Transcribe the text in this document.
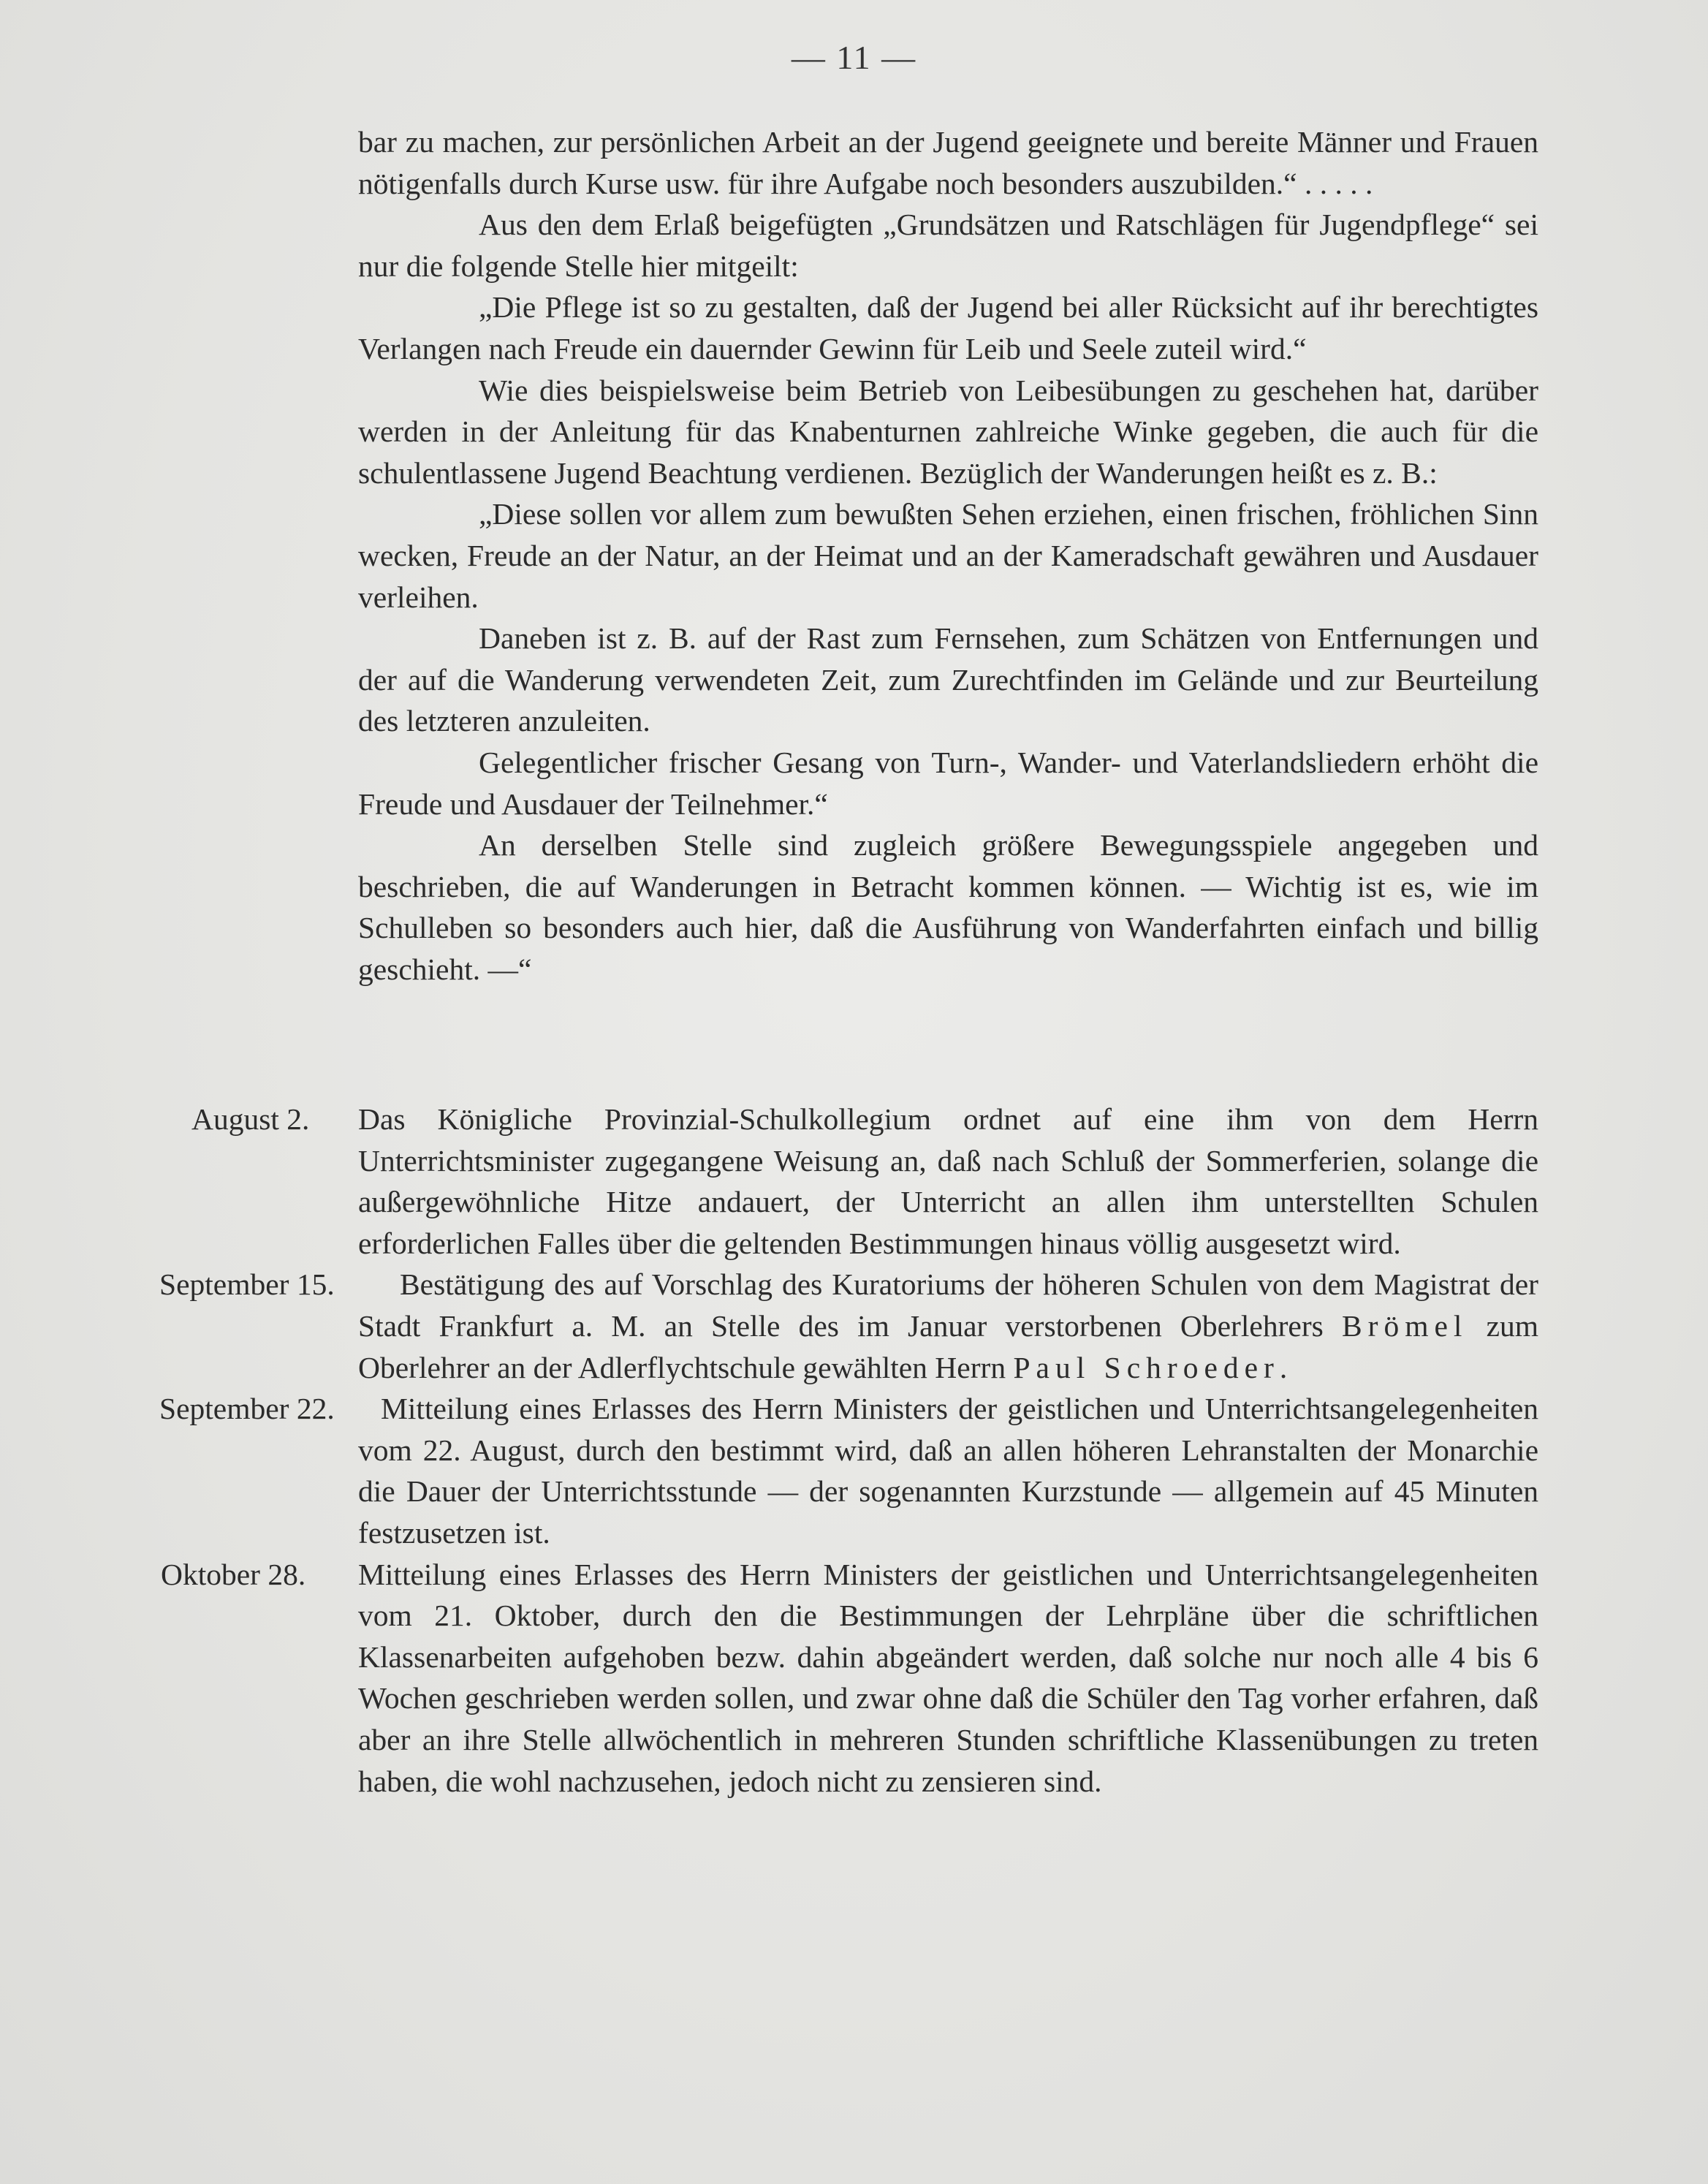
— 11 —

bar zu machen, zur persönlichen Arbeit an der Jugend geeignete und bereite Männer und Frauen nötigenfalls durch Kurse usw. für ihre Aufgabe noch besonders auszubilden.“ . . . . .

Aus den dem Erlaß beigefügten „Grundsätzen und Ratschlägen für Jugendpflege“ sei nur die folgende Stelle hier mitgeilt:

„Die Pflege ist so zu gestalten, daß der Jugend bei aller Rücksicht auf ihr berechtigtes Verlangen nach Freude ein dauernder Gewinn für Leib und Seele zuteil wird.“

Wie dies beispielsweise beim Betrieb von Leibesübungen zu geschehen hat, darüber werden in der Anleitung für das Knabenturnen zahlreiche Winke gegeben, die auch für die schulentlassene Jugend Beachtung verdienen. Bezüglich der Wanderungen heißt es z. B.:

„Diese sollen vor allem zum bewußten Sehen erziehen, einen frischen, fröhlichen Sinn wecken, Freude an der Natur, an der Heimat und an der Kameradschaft gewähren und Ausdauer verleihen.

Daneben ist z. B. auf der Rast zum Fernsehen, zum Schätzen von Entfernungen und der auf die Wanderung verwendeten Zeit, zum Zurechtfinden im Gelände und zur Beurteilung des letzteren anzuleiten.

Gelegentlicher frischer Gesang von Turn-, Wander- und Vaterlandsliedern erhöht die Freude und Ausdauer der Teilnehmer.“

An derselben Stelle sind zugleich größere Bewegungsspiele angegeben und beschrieben, die auf Wanderungen in Betracht kommen können. — Wichtig ist es, wie im Schulleben so besonders auch hier, daß die Ausführung von Wanderfahrten einfach und billig geschieht. —“

August 2. Das Königliche Provinzial-Schulkollegium ordnet auf eine ihm von dem Herrn Unterrichtsminister zugegangene Weisung an, daß nach Schluß der Sommerferien, solange die außergewöhnliche Hitze andauert, der Unterricht an allen ihm unterstellten Schulen erforderlichen Falles über die geltenden Bestimmungen hinaus völlig ausgesetzt wird.

September 15.	Bestätigung des auf Vorschlag des Kuratoriums der höheren Schulen von dem Magistrat der Stadt Frankfurt a. M. an Stelle des im Januar verstorbenen Oberlehrers Brömel zum Oberlehrer an der Adlerflychtschule gewählten Herrn Paul Schroeder.

September 22.	Mitteilung eines Erlasses des Herrn Ministers der geistlichen und Unterrichtsangelegenheiten vom 22. August, durch den bestimmt wird, daß an allen höheren Lehranstalten der Monarchie die Dauer der Unterrichtsstunde — der sogenannten Kurzstunde — allgemein auf 45 Minuten festzusetzen ist.

Oktober 28. Mitteilung eines Erlasses des Herrn Ministers der geistlichen und Unterrichtsangelegenheiten vom 21. Oktober, durch den die Bestimmungen der Lehrpläne über die schriftlichen Klassenarbeiten aufgehoben bezw. dahin abgeändert werden, daß solche nur noch alle 4 bis 6 Wochen geschrieben werden sollen, und zwar ohne daß die Schüler den Tag vorher erfahren, daß aber an ihre Stelle allwöchentlich in mehreren Stunden schriftliche Klassenübungen zu treten haben, die wohl nachzusehen, jedoch nicht zu zensieren sind.
